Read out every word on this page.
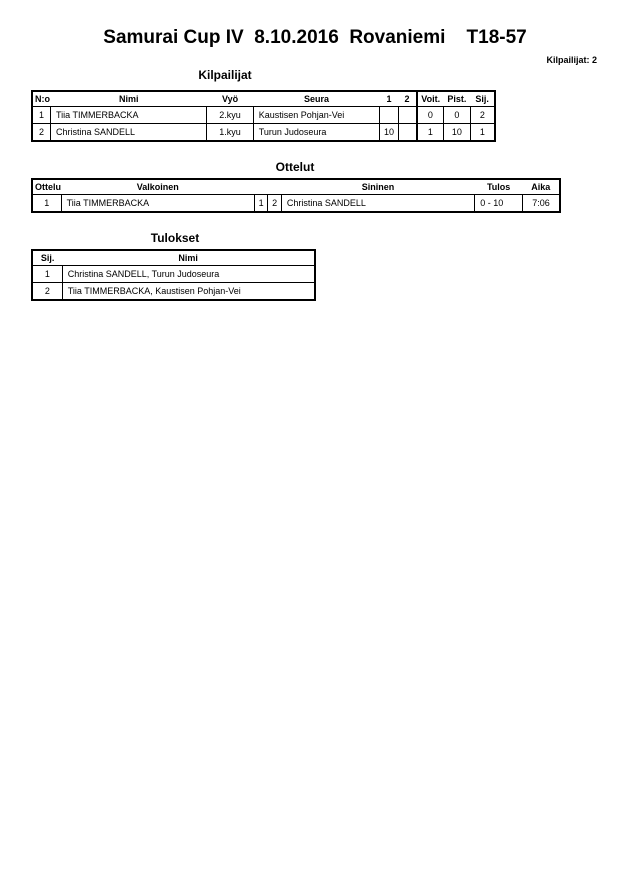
Samurai Cup IV  8.10.2016  Rovaniemi    T18-57
Kilpailijat: 2
Kilpailijat
N:o	Nimi	Vyö	Seura	1	2	Voit.	Pist.	Sij.
1	Tiia TIMMERBACKA	2.kyu	Kaustisen Pohjan-Vei			0	0	2
2	Christina SANDELL	1.kyu	Turun Judoseura	10		1	10	1
Ottelut
Ottelu	Valkoinen			Sininen	Tulos	Aika
1	Tiia TIMMERBACKA	1	2	Christina SANDELL	0 - 10	7:06
Tulokset
Sij.	Nimi
1	Christina SANDELL, Turun Judoseura
2	Tiia TIMMERBACKA, Kaustisen Pohjan-Vei
